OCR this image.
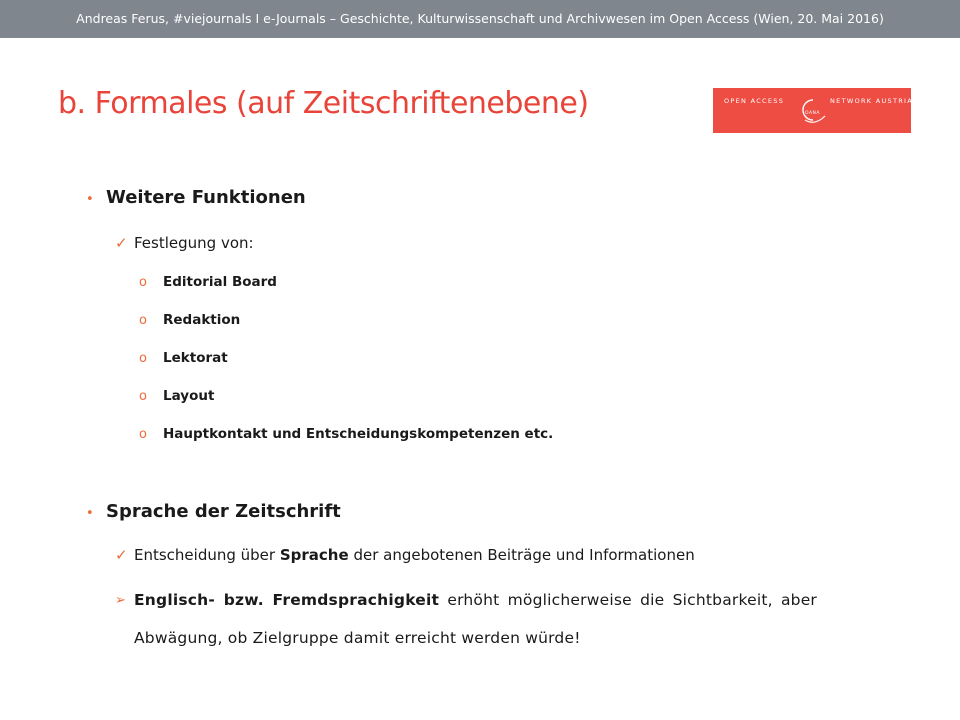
Andreas Ferus, #viejournals I e-Journals – Geschichte, Kulturwissenschaft und Archivwesen im Open Access (Wien, 20. Mai 2016)
b. Formales (auf Zeitschriftenebene)	OPEN ACCESS
OANA
NETWORK AUSTRIA
• Weitere Funktionen
✓ Festlegung von:
o Editorial Board
o Redaktion
o Lektorat
o Layout
o Hauptkontakt und Entscheidungskompetenzen etc.
• Sprache der Zeitschrift
✓ Entscheidung über Sprache der angebotenen Beiträge und Informationen
➢ Englisch- bzw. Fremdsprachigkeit erhöht möglicherweise die Sichtbarkeit, aber Abwägung, ob Zielgruppe damit erreicht werden würde!
